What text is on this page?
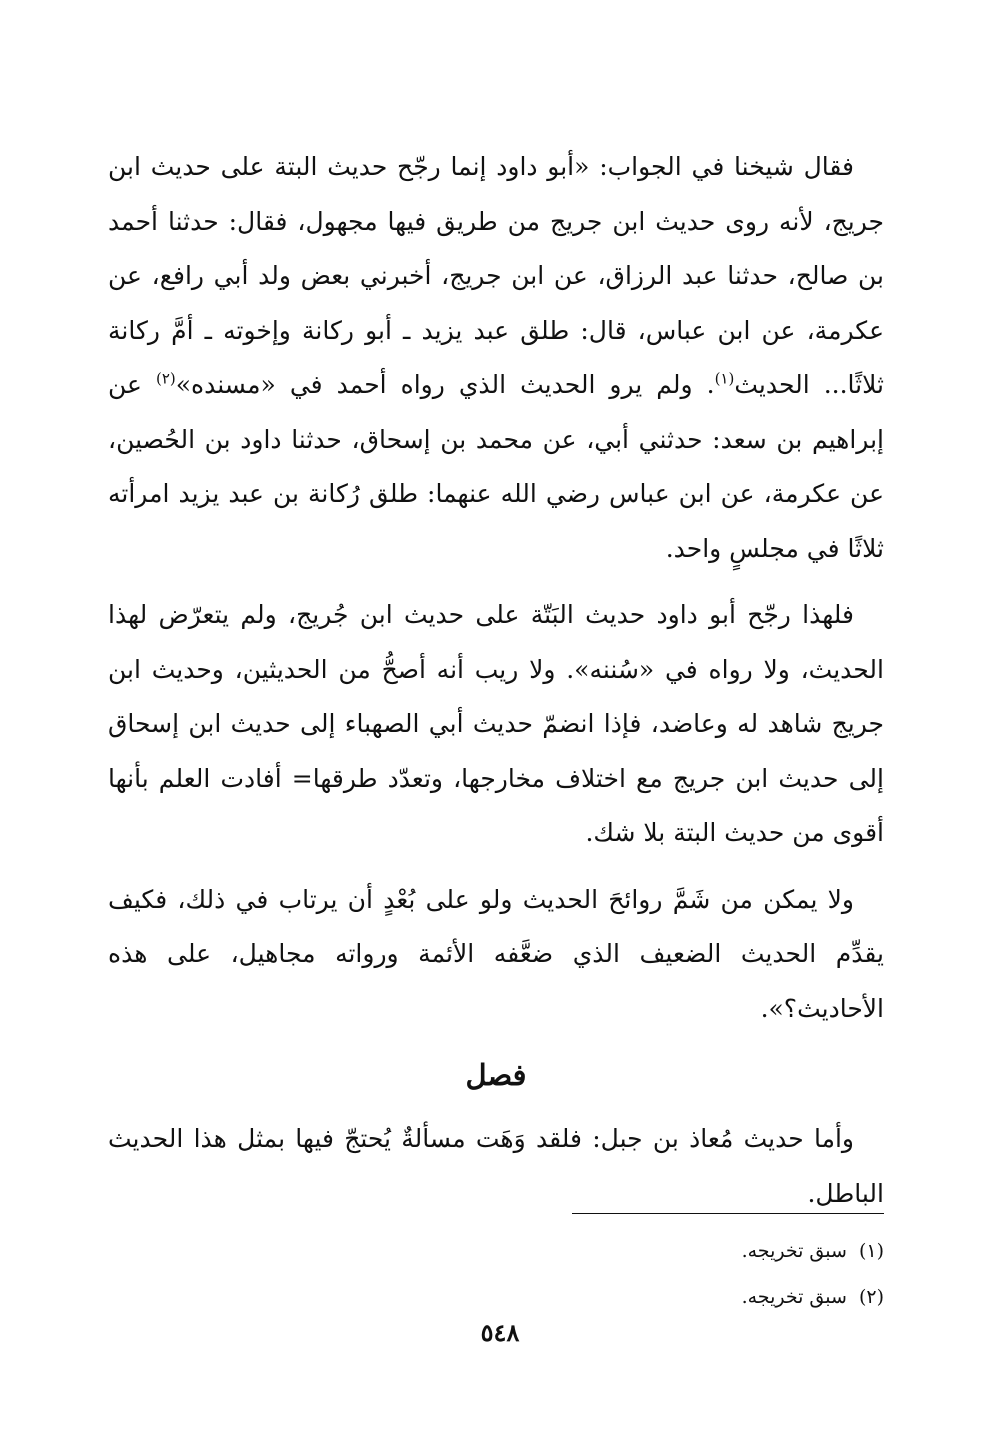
فقال شيخنا في الجواب: «أبو داود إنما رجّح حديث البتة على حديث ابن جريج، لأنه روى حديث ابن جريج من طريق فيها مجهول، فقال: حدثنا أحمد بن صالح، حدثنا عبد الرزاق، عن ابن جريج، أخبرني بعض ولد أبي رافع، عن عكرمة، عن ابن عباس، قال: طلق عبد يزيد ـ أبو ركانة وإخوته ـ أمَّ ركانة ثلاثًا... الحديث$^{(١)}$. ولم يرو الحديث الذي رواه أحمد في «مسنده»$^{(٢)}$ عن إبراهيم بن سعد: حدثني أبي، عن محمد بن إسحاق، حدثنا داود بن الحُصين، عن عكرمة، عن ابن عباس رضي الله عنهما: طلق رُكانة بن عبد يزيد امرأته ثلاثًا في مجلسٍ واحد.

فلهذا رجّح أبو داود حديث البَتّة على حديث ابن جُريج، ولم يتعرّض لهذا الحديث، ولا رواه في «سُننه». ولا ريب أنه أصحُّ من الحديثين، وحديث ابن جريج شاهد له وعاضد، فإذا انضمّ حديث أبي الصهباء إلى حديث ابن إسحاق إلى حديث ابن جريج مع اختلاف مخارجها، وتعدّد طرقها= أفادت العلم بأنها أقوى من حديث البتة بلا شك.

ولا يمكن من شَمَّ روائحَ الحديث ولو على بُعْدٍ أن يرتاب في ذلك، فكيف يقدِّم الحديث الضعيف الذي ضعَّفه الأئمة ورواته مجاهيل، على هذه الأحاديث؟».

فصل

وأما حديث مُعاذ بن جبل: فلقد وَهَت مسألةٌ يُحتجّ فيها بمثل هذا الحديث الباطل.

(١)
سبق تخريجه.
(٢)
سبق تخريجه.
٥٤٨
